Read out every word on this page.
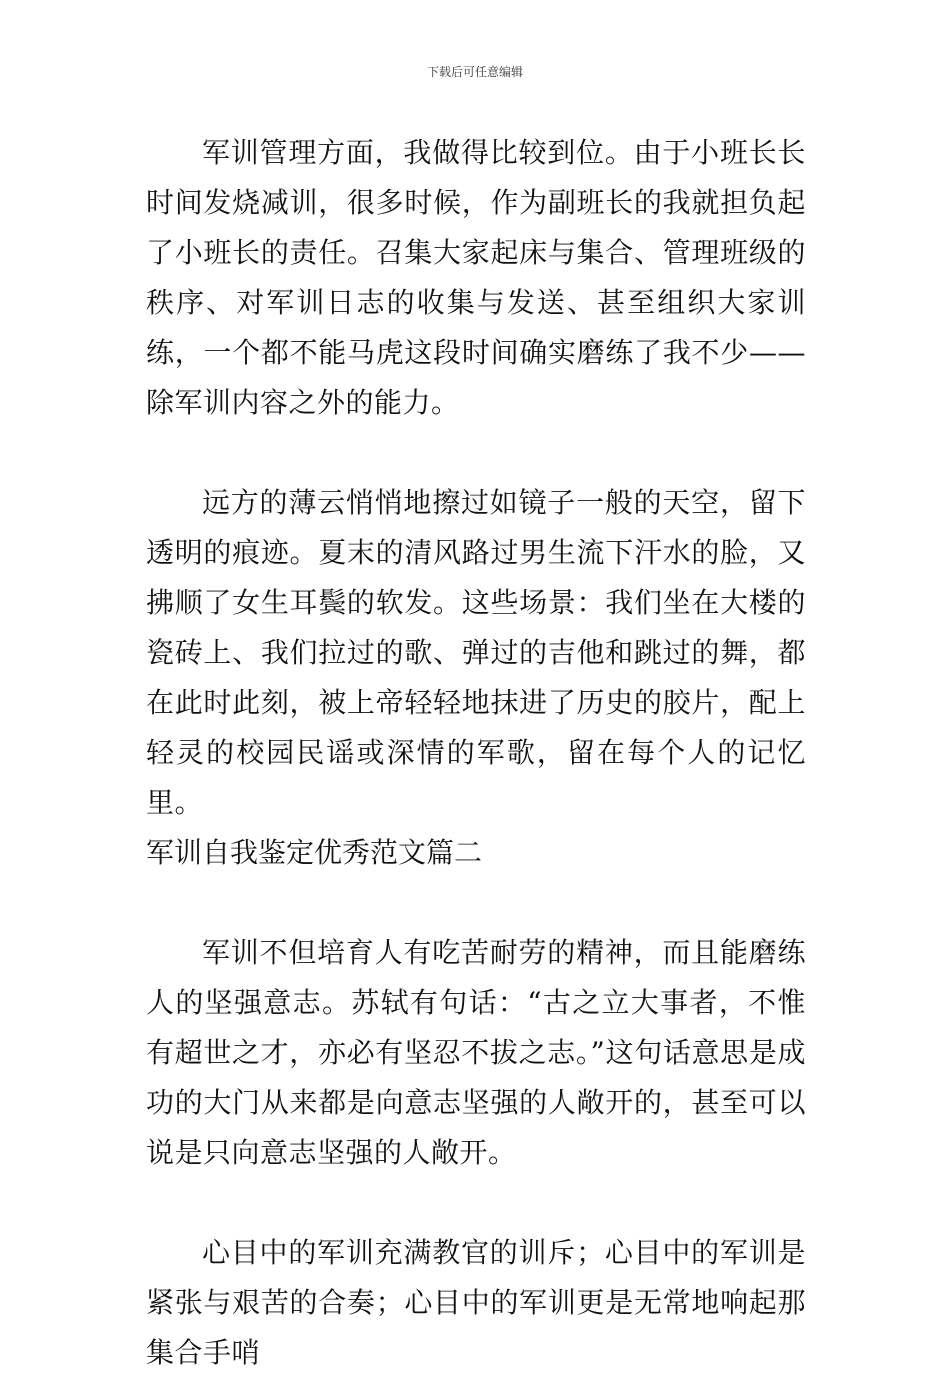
下载后可任意编辑

军训管理方面，我做得比较到位。由于小班长长时间发烧减训，很多时候，作为副班长的我就担负起了小班长的责任。召集大家起床与集合、管理班级的秩序、对军训日志的收集与发送、甚至组织大家训练，一个都不能马虎这段时间确实磨练了我不少——除军训内容之外的能力。

远方的薄云悄悄地擦过如镜子一般的天空，留下透明的痕迹。夏末的清风路过男生流下汗水的脸，又拂顺了女生耳鬓的软发。这些场景：我们坐在大楼的瓷砖上、我们拉过的歌、弹过的吉他和跳过的舞，都在此时此刻，被上帝轻轻地抹进了历史的胶片，配上轻灵的校园民谣或深情的军歌，留在每个人的记忆里。

军训自我鉴定优秀范文篇二

军训不但培育人有吃苦耐劳的精神，而且能磨练人的坚强意志。苏轼有句话：“古之立大事者，不惟有超世之才，亦必有坚忍不拔之志。”这句话意思是成功的大门从来都是向意志坚强的人敞开的，甚至可以说是只向意志坚强的人敞开。

心目中的军训充满教官的训斥；心目中的军训是紧张与艰苦的合奏；心目中的军训更是无常地响起那集合手哨
